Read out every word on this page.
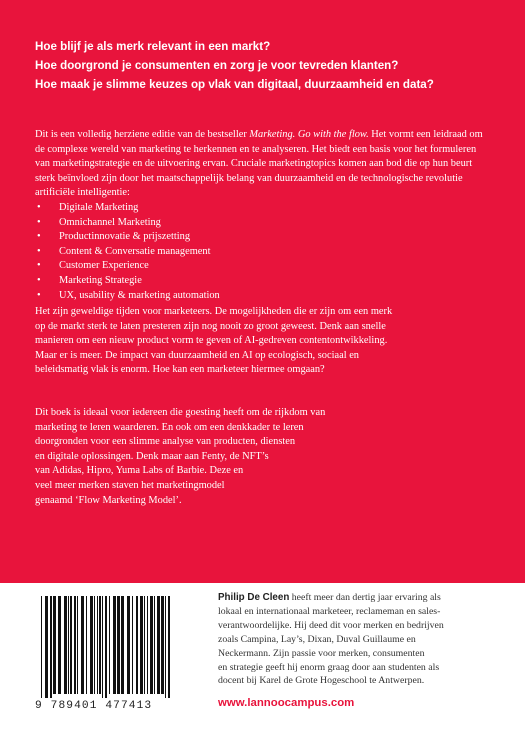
Hoe blijf je als merk relevant in een markt?
Hoe doorgrond je consumenten en zorg je voor tevreden klanten?
Hoe maak je slimme keuzes op vlak van digitaal, duurzaamheid en data?
Dit is een volledig herziene editie van de bestseller Marketing. Go with the flow. Het vormt een leidraad om de complexe wereld van marketing te herkennen en te analyseren. Het biedt een basis voor het formuleren van marketingstrategie en de uitvoering ervan. Cruciale marketingtopics komen aan bod die op hun beurt sterk beïnvloed zijn door het maatschappelijk belang van duurzaamheid en de technologische revolutie artificiële intelligentie:
• Digitale Marketing
• Omnichannel Marketing
• Productinnovatie & prijszetting
• Content & Conversatie management
• Customer Experience
• Marketing Strategie
• UX, usability & marketing automation
Het zijn geweldige tijden voor marketeers. De mogelijkheden die er zijn om een merk
op de markt sterk te laten presteren zijn nog nooit zo groot geweest. Denk aan snelle
manieren om een nieuw product vorm te geven of AI-gedreven contentontwikkeling.
Maar er is meer. De impact van duurzaamheid en AI op ecologisch, sociaal en
beleidsmatig vlak is enorm. Hoe kan een marketeer hiermee omgaan?
Dit boek is ideaal voor iedereen die goesting heeft om de rijkdom van
marketing te leren waarderen. En ook om een denkkader te leren
doorgronden voor een slimme analyse van producten, diensten
en digitale oplossingen. Denk maar aan Fenty, de NFT’s
van Adidas, Hipro, Yuma Labs of Barbie. Deze en
veel meer merken staven het marketingmodel
genaamd ‘Flow Marketing Model’.
9 789401 477413
Philip De Cleen heeft meer dan dertig jaar ervaring als
lokaal en internationaal marketeer, reclameman en sales-
verantwoordelijke. Hij deed dit voor merken en bedrijven
zoals Campina, Lay’s, Dixan, Duval Guillaume en
Neckermann. Zijn passie voor merken, consumenten
en strategie geeft hij enorm graag door aan studenten als
docent bij Karel de Grote Hogeschool te Antwerpen.
www.lannoocampus.com
